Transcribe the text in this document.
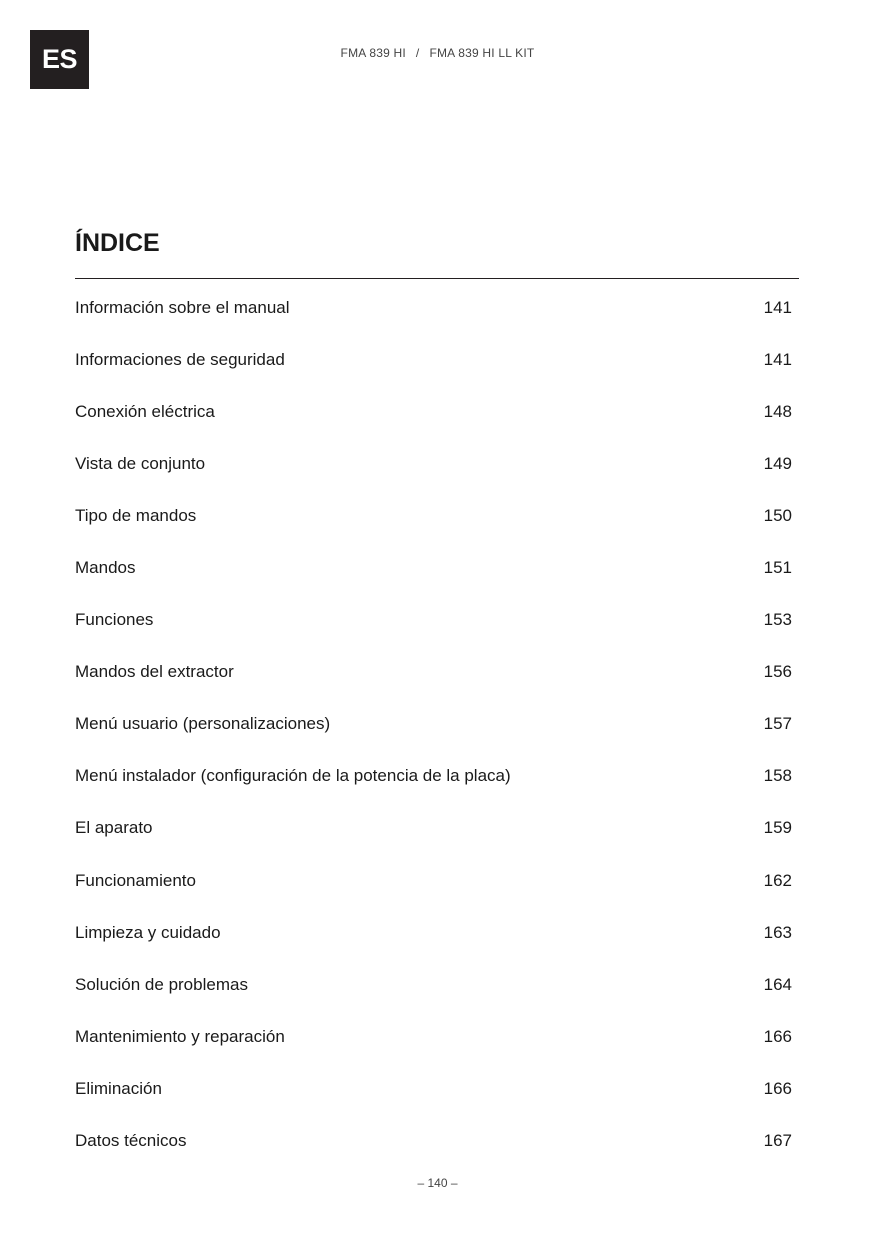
ES	FMA 839 HI / FMA 839 HI LL KIT
ÍNDICE
Información sobre el manual	141
Informaciones de seguridad	141
Conexión eléctrica	148
Vista de conjunto	149
Tipo de mandos	150
Mandos	151
Funciones	153
Mandos del extractor	156
Menú usuario (personalizaciones)	157
Menú instalador (configuración de la potencia de la placa)	158
El aparato	159
Funcionamiento	162
Limpieza y cuidado	163
Solución de problemas	164
Mantenimiento y reparación	166
Eliminación	166
Datos técnicos	167
– 140 –
